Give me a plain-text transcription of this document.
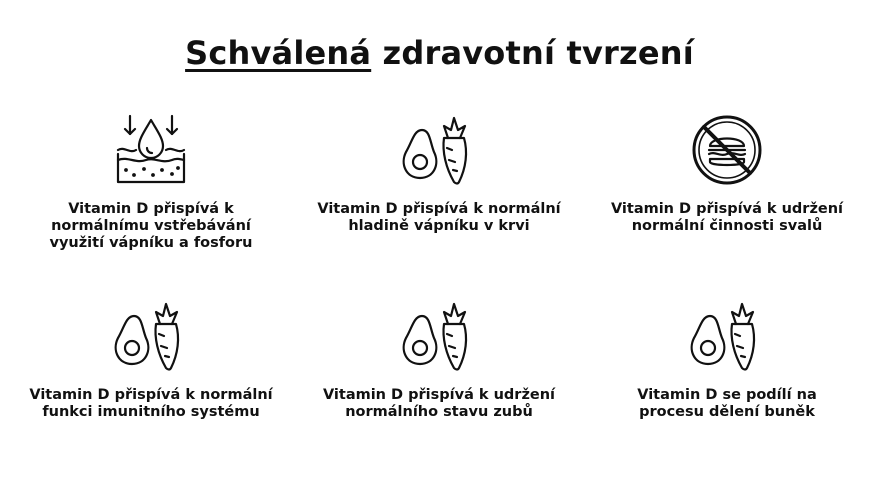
Schválená zdravotní tvrzení
Vitamin D přispívá k normálnímu vstřebávání využití vápníku a fosforu
Vitamin D přispívá k normální hladině vápníku v krvi
Vitamin D přispívá k udržení normální činnosti svalů
Vitamin D přispívá k normální funkci imunitního systému
Vitamin D přispívá k udržení normálního stavu zubů
Vitamin D se podílí na procesu dělení buněk
